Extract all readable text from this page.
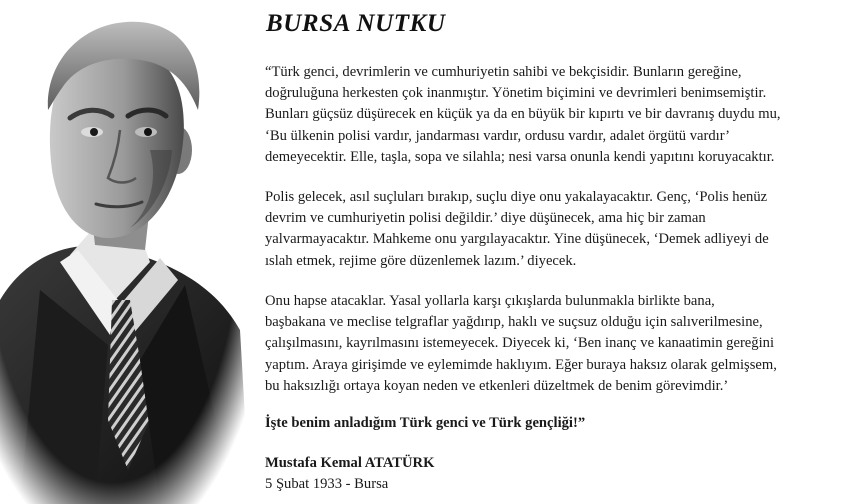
BURSA NUTKU

“Türk genci, devrimlerin ve cumhuriyetin sahibi ve bekçisidir. Bunların gereğine,
doğruluğuna herkesten çok inanmıştır. Yönetim biçimini ve devrimleri benimsemiştir.
Bunları güçsüz düşürecek en küçük ya da en büyük bir kıpırtı ve bir davranış duydu mu,
‘Bu ülkenin polisi vardır, jandarması vardır, ordusu vardır, adalet örgütü vardır’
demeyecektir. Elle, taşla, sopa ve silahla; nesi varsa onunla kendi yapıtını koruyacaktır.

Polis gelecek, asıl suçluları bırakıp, suçlu diye onu yakalayacaktır. Genç, ‘Polis henüz
devrim ve cumhuriyetin polisi değildir.’ diye düşünecek, ama hiç bir zaman
yalvarmayacaktır. Mahkeme onu yargılayacaktır. Yine düşünecek, ‘Demek adliyeyi de
ıslah etmek, rejime göre düzenlemek lazım.’ diyecek.

Onu hapse atacaklar. Yasal yollarla karşı çıkışlarda bulunmakla birlikte bana,
başbakana ve meclise telgraflar yağdırıp, haklı ve suçsuz olduğu için salıverilmesine,
çalışılmasını, kayrılmasını istemeyecek. Diyecek ki, ‘Ben inanç ve kanaatimin gereğini
yaptım. Araya girişimde ve eylemimde haklıyım. Eğer buraya haksız olarak gelmişsem,
bu haksızlığı ortaya koyan neden ve etkenleri düzeltmek de benim görevimdir.’

İşte benim anladığım Türk genci ve Türk gençliği!”

Mustafa Kemal ATATÜRK

5 Şubat 1933 - Bursa
